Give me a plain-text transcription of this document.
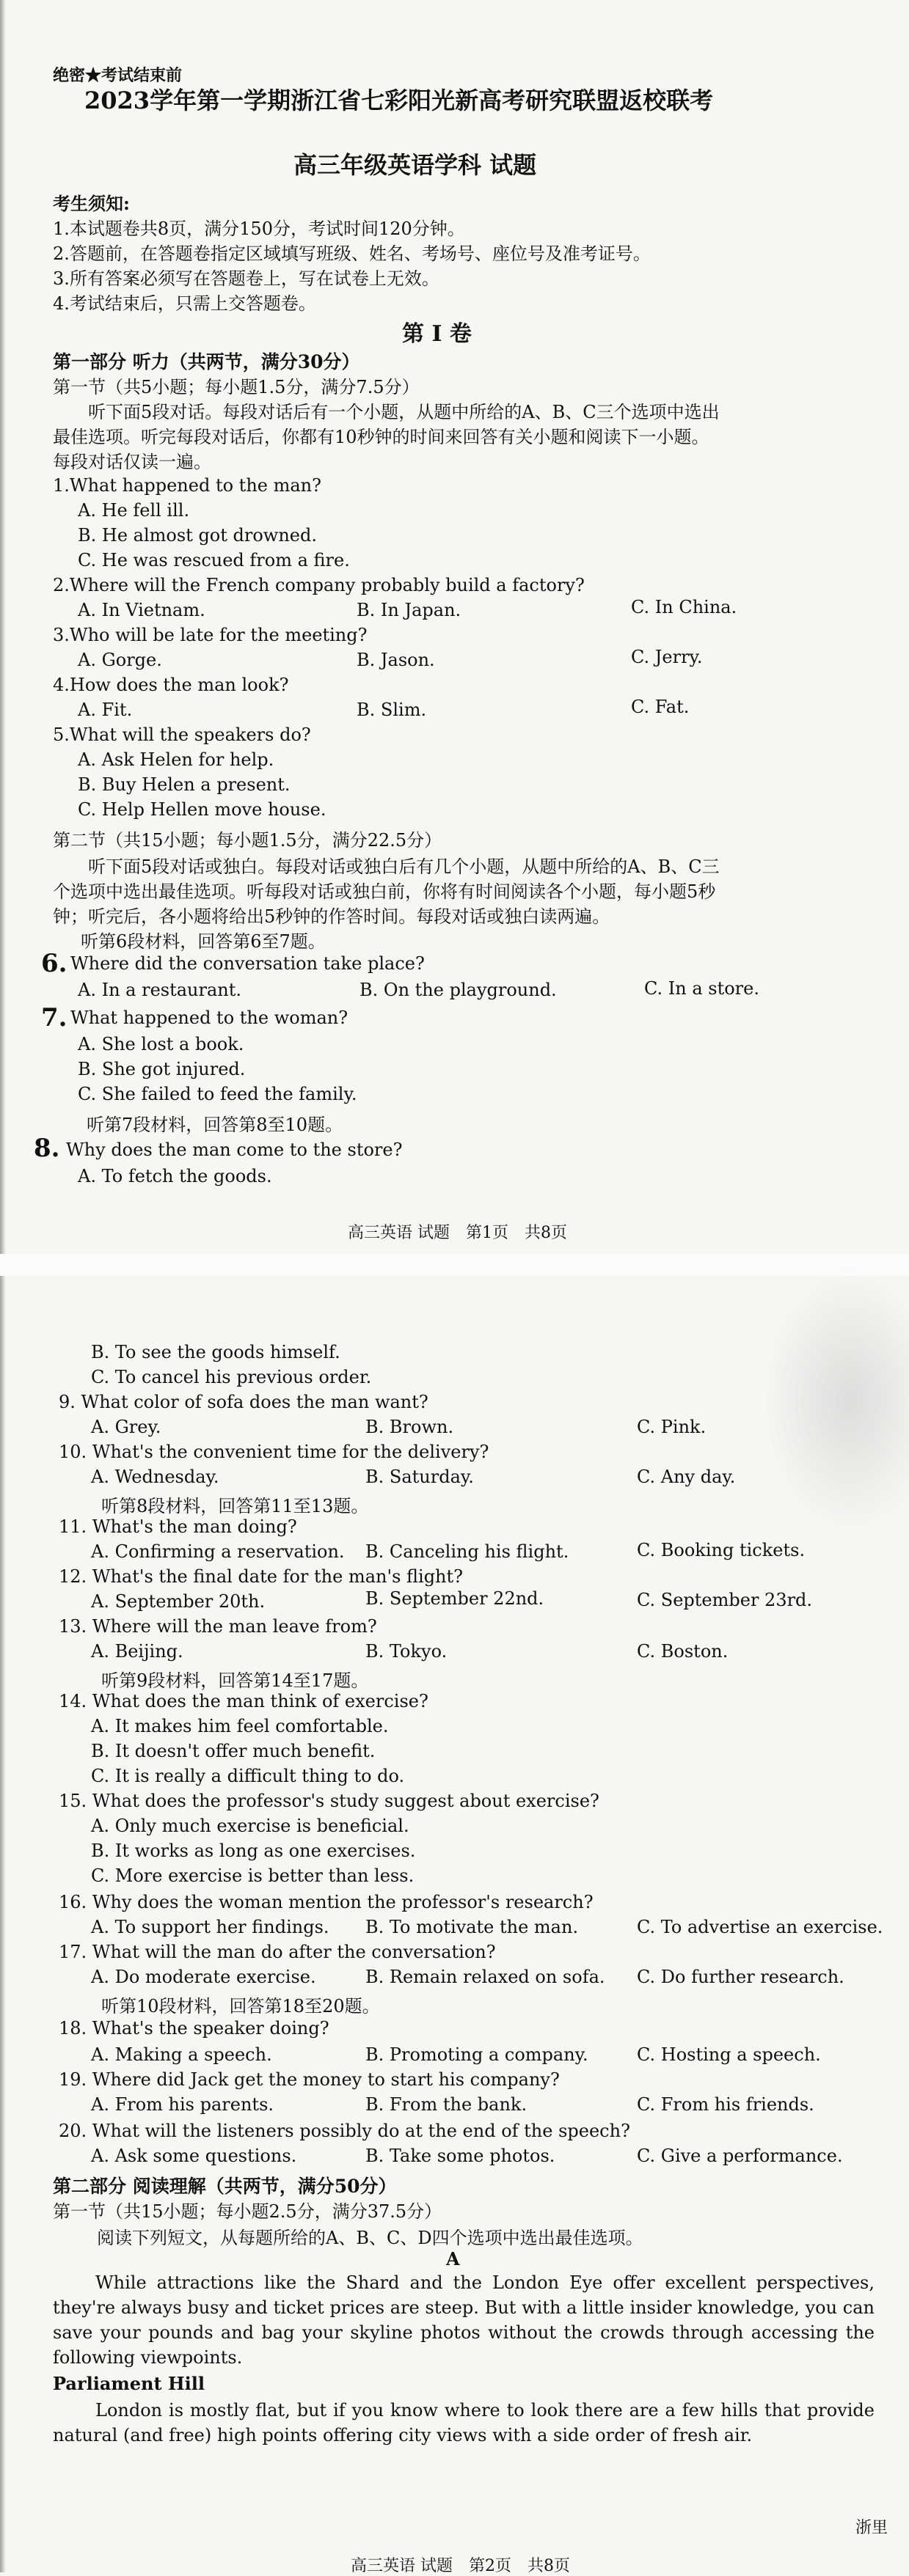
绝密★考试结束前
2023学年第一学期浙江省七彩阳光新高考研究联盟返校联考
高三年级英语学科 试题
考生须知:
1.本试题卷共8页，满分150分，考试时间120分钟。
2.答题前，在答题卷指定区域填写班级、姓名、考场号、座位号及准考证号。
3.所有答案必须写在答题卷上，写在试卷上无效。
4.考试结束后，只需上交答题卷。
第 I 卷
第一部分 听力（共两节，满分30分）
第一节（共5小题；每小题1.5分，满分7.5分）
听下面5段对话。每段对话后有一个小题，从题中所给的A、B、C三个选项中选出
最佳选项。听完每段对话后，你都有10秒钟的时间来回答有关小题和阅读下一小题。
每段对话仅读一遍。
1.What happened to the man?
A. He fell ill.
B. He almost got drowned.
C. He was rescued from a fire.
2.Where will the French company probably build a factory?
A. In Vietnam.	B. In Japan.	C. In China.
3.Who will be late for the meeting?
A. Gorge.	B. Jason.	C. Jerry.
4.How does the man look?
A. Fit.	B. Slim.	C. Fat.
5.What will the speakers do?
A. Ask Helen for help.
B. Buy Helen a present.
C. Help Hellen move house.
第二节（共15小题；每小题1.5分，满分22.5分）
听下面5段对话或独白。每段对话或独白后有几个小题，从题中所给的A、B、C三
个选项中选出最佳选项。听每段对话或独白前，你将有时间阅读各个小题，每小题5秒
钟；听完后，各小题将给出5秒钟的作答时间。每段对话或独白读两遍。
听第6段材料，回答第6至7题。
6. Where did the conversation take place?
A. In a restaurant.	B. On the playground.	C. In a store.
7. What happened to the woman?
A. She lost a book.
B. She got injured.
C. She failed to feed the family.
听第7段材料，回答第8至10题。
8. Why does the man come to the store?
A. To fetch the goods.
高三英语 试题　第1页　共8页
B. To see the goods himself.
C. To cancel his previous order.
9. What color of sofa does the man want?
A. Grey.	B. Brown.	C. Pink.
10. What's the convenient time for the delivery?
A. Wednesday.	B. Saturday.	C. Any day.
听第8段材料，回答第11至13题。
11. What's the man doing?
A. Confirming a reservation. B. Canceling his flight.	C. Booking tickets.
12. What's the final date for the man's flight?
A. September 20th.	B. September 22nd.	C. September 23rd.
13. Where will the man leave from?
A. Beijing.	B. Tokyo.	C. Boston.
听第9段材料，回答第14至17题。
14. What does the man think of exercise?
A. It makes him feel comfortable.
B. It doesn't offer much benefit.
C. It is really a difficult thing to do.
15. What does the professor's study suggest about exercise?
A. Only much exercise is beneficial.
B. It works as long as one exercises.
C. More exercise is better than less.
16. Why does the woman mention the professor's research?
A. To support her findings. B. To motivate the man.	C. To advertise an exercise.
17. What will the man do after the conversation?
A. Do moderate exercise.	B. Remain relaxed on sofa. C. Do further research.
听第10段材料，回答第18至20题。
18. What's the speaker doing?
A. Making a speech.	B. Promoting a company.	C. Hosting a speech.
19. Where did Jack get the money to start his company?
A. From his parents.	B. From the bank.	C. From his friends.
20. What will the listeners possibly do at the end of the speech?
A. Ask some questions.	B. Take some photos.	C. Give a performance.
第二部分 阅读理解（共两节，满分50分）
第一节（共15小题；每小题2.5分，满分37.5分）
阅读下列短文，从每题所给的A、B、C、D四个选项中选出最佳选项。
A
While attractions like the Shard and the London Eye offer excellent perspectives, they're always busy and ticket prices are steep. But with a little insider knowledge, you can save your pounds and bag your skyline photos without the crowds through accessing the following viewpoints.
Parliament Hill
London is mostly flat, but if you know where to look there are a few hills that provide natural (and free) high points offering city views with a side order of fresh air.
高三英语 试题　第2页　共8页
浙里
